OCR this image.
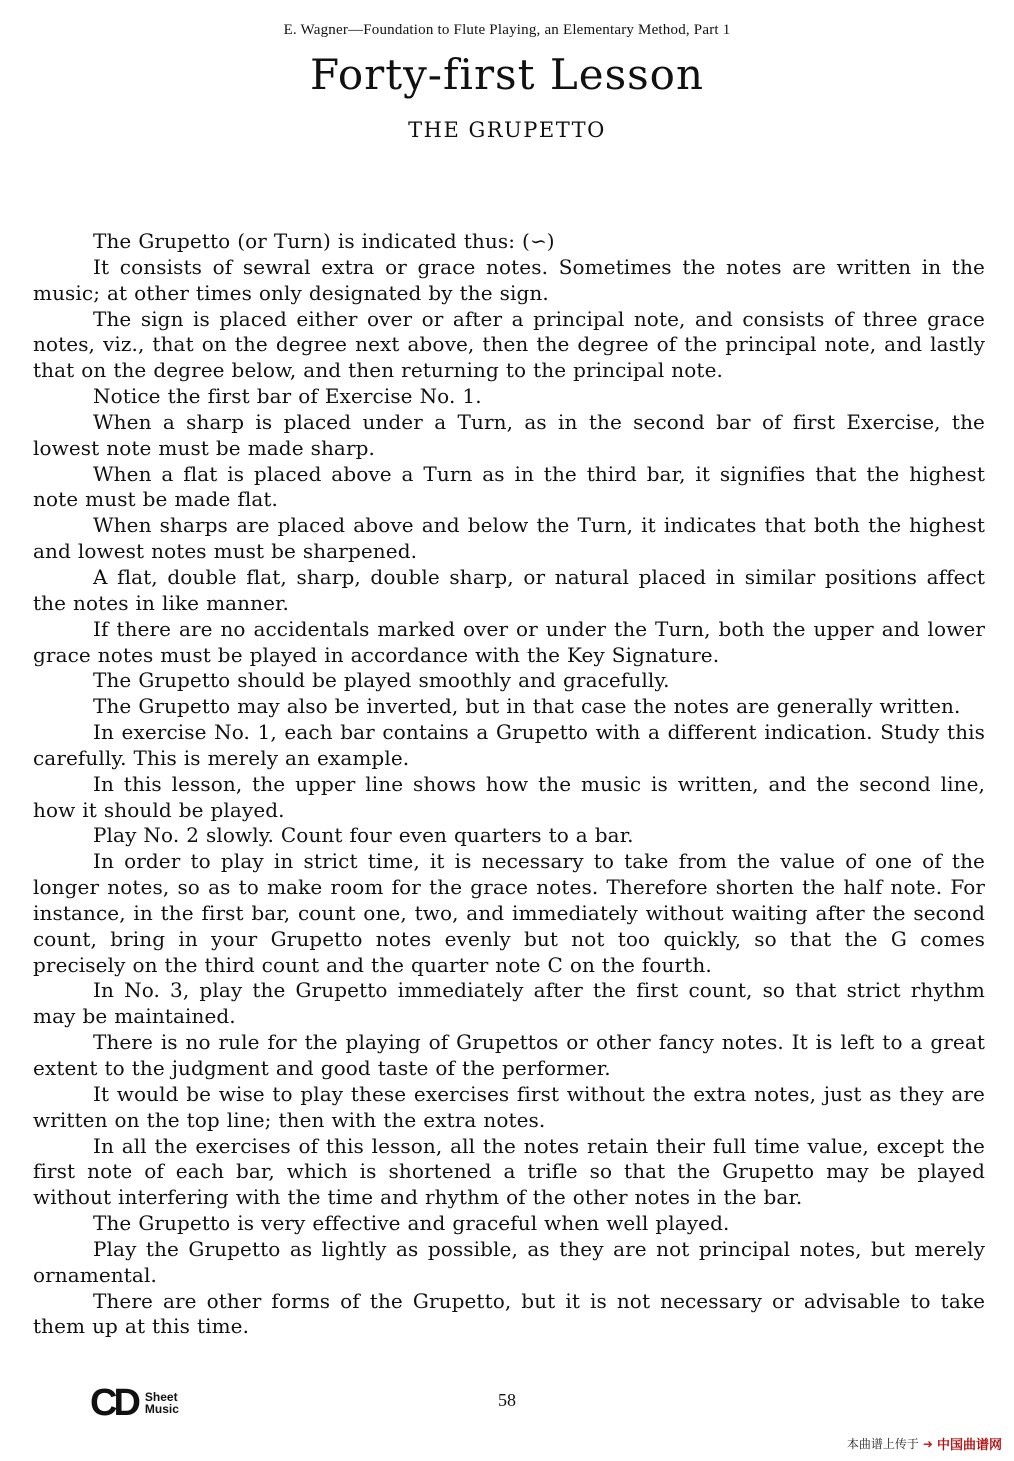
E. Wagner—Foundation to Flute Playing, an Elementary Method, Part 1
Forty-first Lesson
THE GRUPETTO

The Grupetto (or Turn) is indicated thus: (∽)

It consists of sewral extra or grace notes. Sometimes the notes are written in the music; at other times only designated by the sign.

The sign is placed either over or after a principal note, and consists of three grace notes, viz., that on the degree next above, then the degree of the principal note, and lastly that on the degree below, and then returning to the principal note.

Notice the first bar of Exercise No. 1.

When a sharp is placed under a Turn, as in the second bar of first Exercise, the lowest note must be made sharp.

When a flat is placed above a Turn as in the third bar, it signifies that the highest note must be made flat.

When sharps are placed above and below the Turn, it indicates that both the highest and lowest notes must be sharpened.

A flat, double flat, sharp, double sharp, or natural placed in similar positions affect the notes in like manner.

If there are no accidentals marked over or under the Turn, both the upper and lower grace notes must be played in accordance with the Key Signature.

The Grupetto should be played smoothly and gracefully.

The Grupetto may also be inverted, but in that case the notes are generally written.

In exercise No. 1, each bar contains a Grupetto with a different indication. Study this carefully. This is merely an example.

In this lesson, the upper line shows how the music is written, and the second line, how it should be played.

Play No. 2 slowly. Count four even quarters to a bar.

In order to play in strict time, it is necessary to take from the value of one of the longer notes, so as to make room for the grace notes. Therefore shorten the half note. For instance, in the first bar, count one, two, and immediately without waiting after the second count, bring in your Grupetto notes evenly but not too quickly, so that the G comes precisely on the third count and the quarter note C on the fourth.

In No. 3, play the Grupetto immediately after the first count, so that strict rhythm may be maintained.

There is no rule for the playing of Grupettos or other fancy notes. It is left to a great extent to the judgment and good taste of the performer.

It would be wise to play these exercises first without the extra notes, just as they are written on the top line; then with the extra notes.

In all the exercises of this lesson, all the notes retain their full time value, except the first note of each bar, which is shortened a trifle so that the Grupetto may be played without interfering with the time and rhythm of the other notes in the bar.

The Grupetto is very effective and graceful when well played.

Play the Grupetto as lightly as possible, as they are not principal notes, but merely ornamental.

There are other forms of the Grupetto, but it is not necessary or advisable to take them up at this time.

CD Sheet
Music	58
本曲谱上传于 ➜ 中国曲谱网
